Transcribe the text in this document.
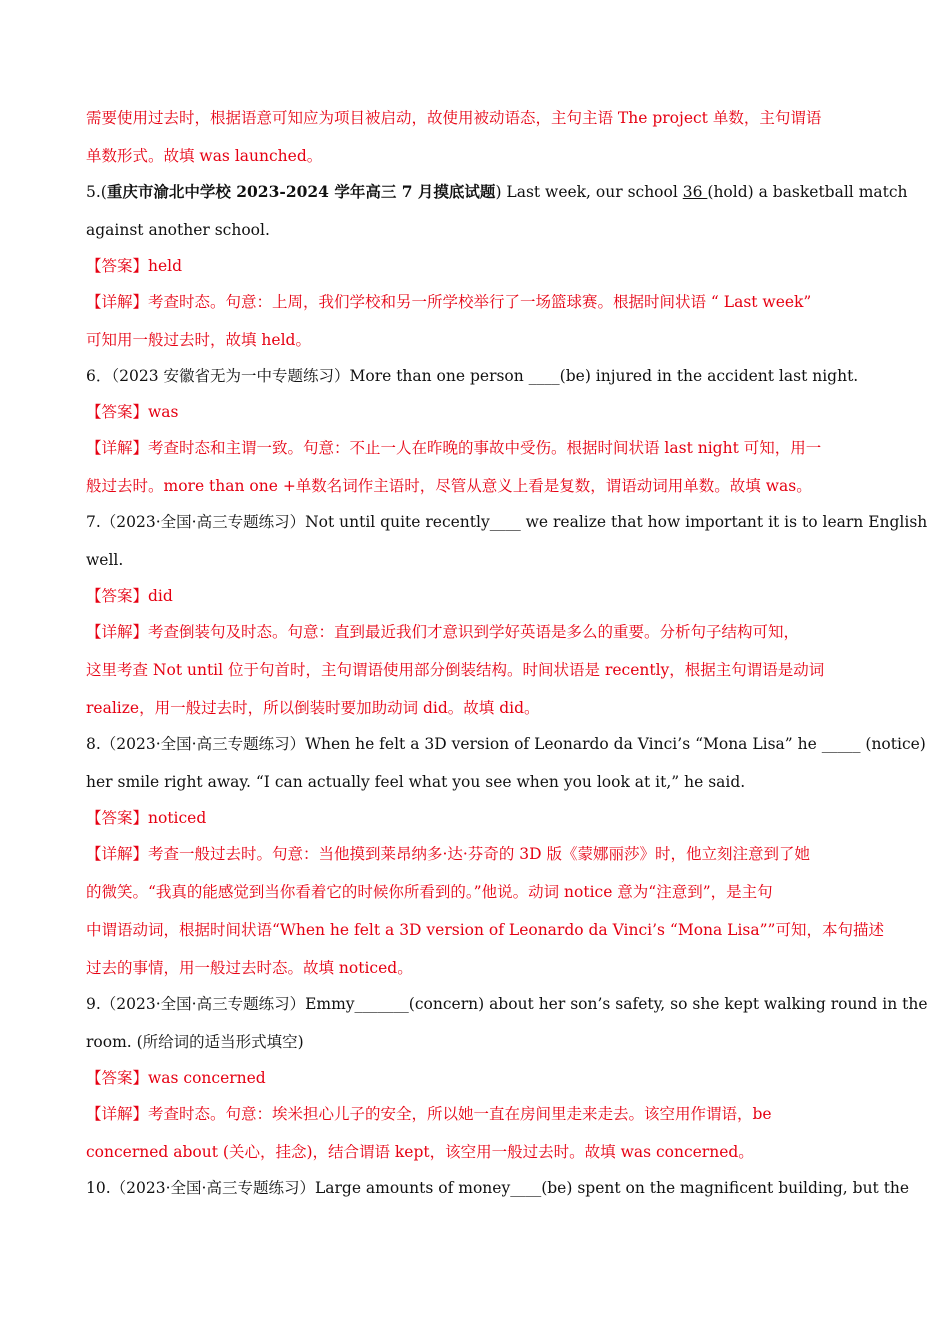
需要使用过去时，根据语意可知应为项目被启动，故使用被动语态，主句主语 The project 单数，主句谓语
单数形式。故填 was launched。
5.(重庆市渝北中学校 2023-2024 学年高三 7 月摸底试题) Last week, our school 36 (hold) a basketball match
against another school.
【答案】held
【详解】考查时态。句意：上周，我们学校和另一所学校举行了一场篮球赛。根据时间状语 “ Last week”
可知用一般过去时，故填 held。
6．（2023 安徽省无为一中专题练习）More than one person ____(be) injured in the accident last night.
【答案】was
【详解】考查时态和主谓一致。句意：不止一人在昨晚的事故中受伤。根据时间状语 last night 可知，用一
般过去时。more than one +单数名词作主语时，尽管从意义上看是复数，谓语动词用单数。故填 was。
7.（2023·全国·高三专题练习）Not until quite recently____ we realize that how important it is to learn English
well.
【答案】did
【详解】考查倒装句及时态。句意：直到最近我们才意识到学好英语是多么的重要。分析句子结构可知，
这里考查 Not until 位于句首时，主句谓语使用部分倒装结构。时间状语是 recently，根据主句谓语是动词
realize，用一般过去时，所以倒装时要加助动词 did。故填 did。
8.（2023·全国·高三专题练习）When he felt a 3D version of Leonardo da Vinci’s “Mona Lisa” he _____ (notice)
her smile right away. “I can actually feel what you see when you look at it,” he said.
【答案】noticed
【详解】考查一般过去时。句意：当他摸到莱昂纳多·达·芬奇的 3D 版《蒙娜丽莎》时，他立刻注意到了她
的微笑。“我真的能感觉到当你看着它的时候你所看到的。”他说。动词 notice 意为“注意到”，是主句
中谓语动词，根据时间状语“When he felt a 3D version of Leonardo da Vinci’s “Mona Lisa””可知，本句描述
过去的事情，用一般过去时态。故填 noticed。
9.（2023·全国·高三专题练习）Emmy_______(concern) about her son’s safety, so she kept walking round in the
room. (所给词的适当形式填空)
【答案】was concerned
【详解】考查时态。句意：埃米担心儿子的安全，所以她一直在房间里走来走去。该空用作谓语，be
concerned about (关心，挂念)，结合谓语 kept，该空用一般过去时。故填 was concerned。
10.（2023·全国·高三专题练习）Large amounts of money____(be) spent on the magnificent building, but the
